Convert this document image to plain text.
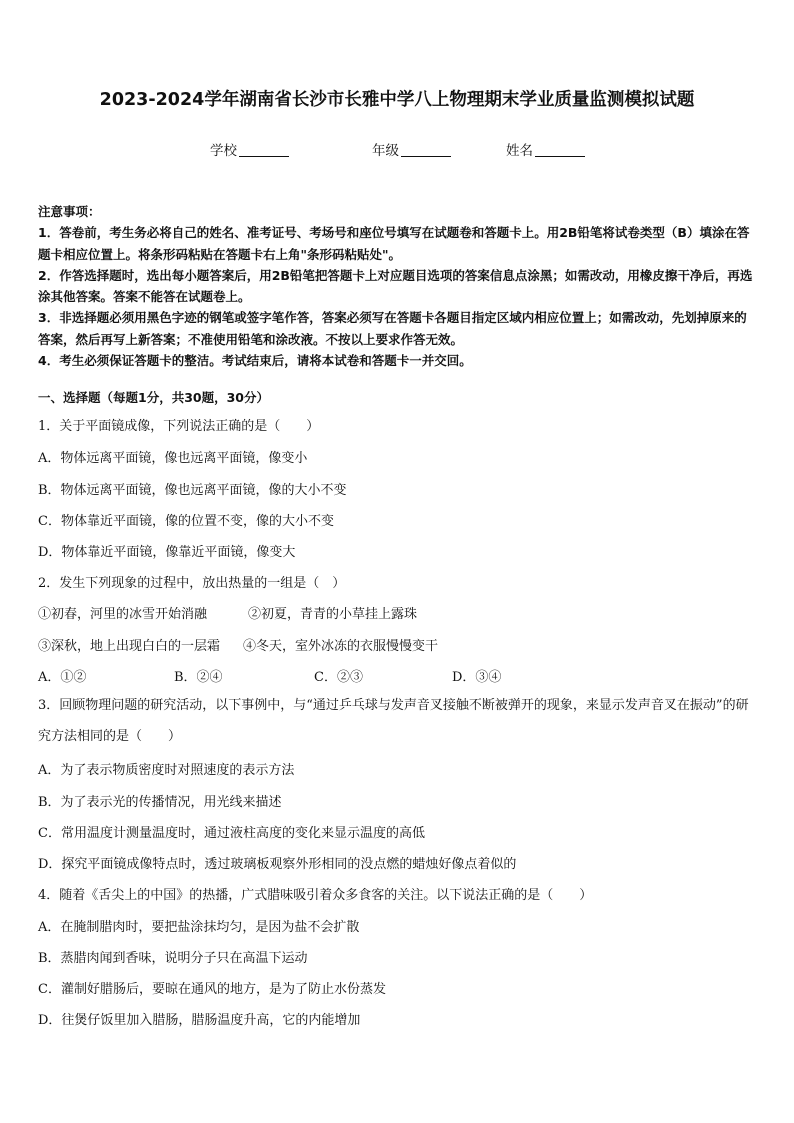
2023-2024学年湖南省长沙市长雅中学八上物理期末学业质量监测模拟试题
学校	年级	姓名

注意事项：

1．答卷前，考生务必将自己的姓名、准考证号、考场号和座位号填写在试题卷和答题卡上。用2B铅笔将试卷类型（B）填涂在答题卡相应位置上。将条形码粘贴在答题卡右上角"条形码粘贴处"。

2．作答选择题时，选出每小题答案后，用2B铅笔把答题卡上对应题目选项的答案信息点涂黑；如需改动，用橡皮擦干净后，再选涂其他答案。答案不能答在试题卷上。

3．非选择题必须用黑色字迹的钢笔或签字笔作答，答案必须写在答题卡各题目指定区域内相应位置上；如需改动，先划掉原来的答案，然后再写上新答案；不准使用铅笔和涂改液。不按以上要求作答无效。

4．考生必须保证答题卡的整洁。考试结束后，请将本试卷和答题卡一并交回。

一、选择题（每题1分，共30题，30分）
1．关于平面镜成像，下列说法正确的是（　　）
A．物体远离平面镜，像也远离平面镜，像变小
B．物体远离平面镜，像也远离平面镜，像的大小不变
C．物体靠近平面镜，像的位置不变，像的大小不变
D．物体靠近平面镜，像靠近平面镜，像变大
2．发生下列现象的过程中，放出热量的一组是（　）
①初春，河里的冰雪开始消融	②初夏，青青的小草挂上露珠
③深秋，地上出现白白的一层霜 ④冬天，室外冰冻的衣服慢慢变干
A．①②	B．②④	C．②③	D．③④
3．回顾物理问题的研究活动，以下事例中，与“通过乒乓球与发声音叉接触不断被弹开的现象，来显示发声音叉在振动”的研究方法相同的是（　　）
A．为了表示物质密度时对照速度的表示方法
B．为了表示光的传播情况，用光线来描述
C．常用温度计测量温度时，通过液柱高度的变化来显示温度的高低
D．探究平面镜成像特点时，透过玻璃板观察外形相同的没点燃的蜡烛好像点着似的
4．随着《舌尖上的中国》的热播，广式腊味吸引着众多食客的关注。以下说法正确的是（　　）
A．在腌制腊肉时，要把盐涂抹均匀，是因为盐不会扩散
B．蒸腊肉闻到香味，说明分子只在高温下运动
C．灌制好腊肠后，要晾在通风的地方，是为了防止水份蒸发
D．往煲仔饭里加入腊肠，腊肠温度升高，它的内能增加
